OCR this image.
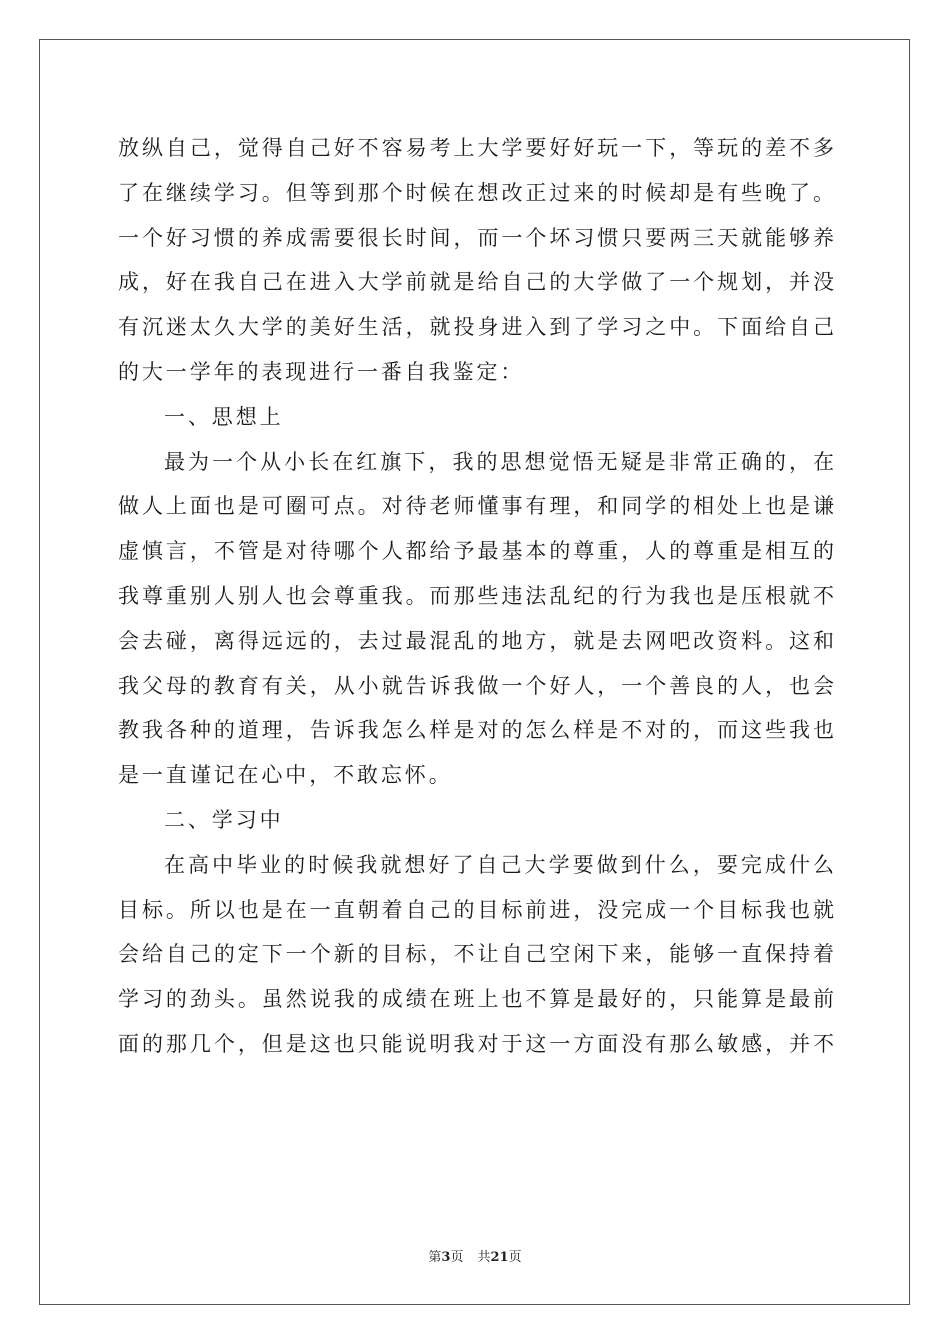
放纵自己，觉得自己好不容易考上大学要好好玩一下，等玩的差不多
了在继续学习。但等到那个时候在想改正过来的时候却是有些晚了。
一个好习惯的养成需要很长时间，而一个坏习惯只要两三天就能够养
成，好在我自己在进入大学前就是给自己的大学做了一个规划，并没
有沉迷太久大学的美好生活，就投身进入到了学习之中。下面给自己
的大一学年的表现进行一番自我鉴定：
一、思想上
最为一个从小长在红旗下，我的思想觉悟无疑是非常正确的，在
做人上面也是可圈可点。对待老师懂事有理，和同学的相处上也是谦
虚慎言，不管是对待哪个人都给予最基本的尊重，人的尊重是相互的
我尊重别人别人也会尊重我。而那些违法乱纪的行为我也是压根就不
会去碰，离得远远的，去过最混乱的地方，就是去网吧改资料。这和
我父母的教育有关，从小就告诉我做一个好人，一个善良的人，也会
教我各种的道理，告诉我怎么样是对的怎么样是不对的，而这些我也
是一直谨记在心中，不敢忘怀。
二、学习中
在高中毕业的时候我就想好了自己大学要做到什么，要完成什么
目标。所以也是在一直朝着自己的目标前进，没完成一个目标我也就
会给自己的定下一个新的目标，不让自己空闲下来，能够一直保持着
学习的劲头。虽然说我的成绩在班上也不算是最好的，只能算是最前
面的那几个，但是这也只能说明我对于这一方面没有那么敏感，并不
第3页 共21页
